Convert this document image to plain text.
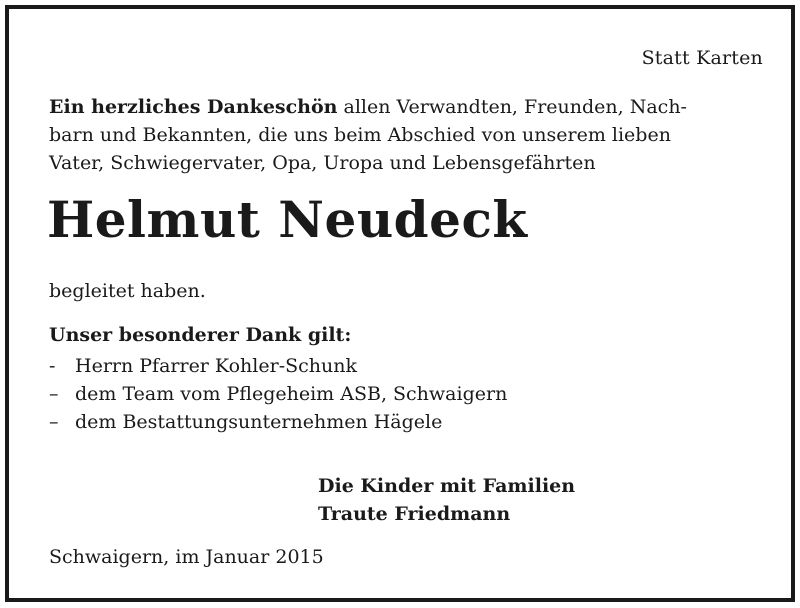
Statt Karten
Ein herzliches Dankeschön allen Verwandten, Freunden, Nach-
barn und Bekannten, die uns beim Abschied von unserem lieben
Vater, Schwiegervater, Opa, Uropa und Lebensgefährten
Helmut Neudeck
begleitet haben.
Unser besonderer Dank gilt:
-	Herrn Pfarrer Kohler-Schunk
– dem Team vom Pflegeheim ASB, Schwaigern
– dem Bestattungsunternehmen Hägele
Die Kinder mit Familien
Traute Friedmann
Schwaigern, im Januar 2015
